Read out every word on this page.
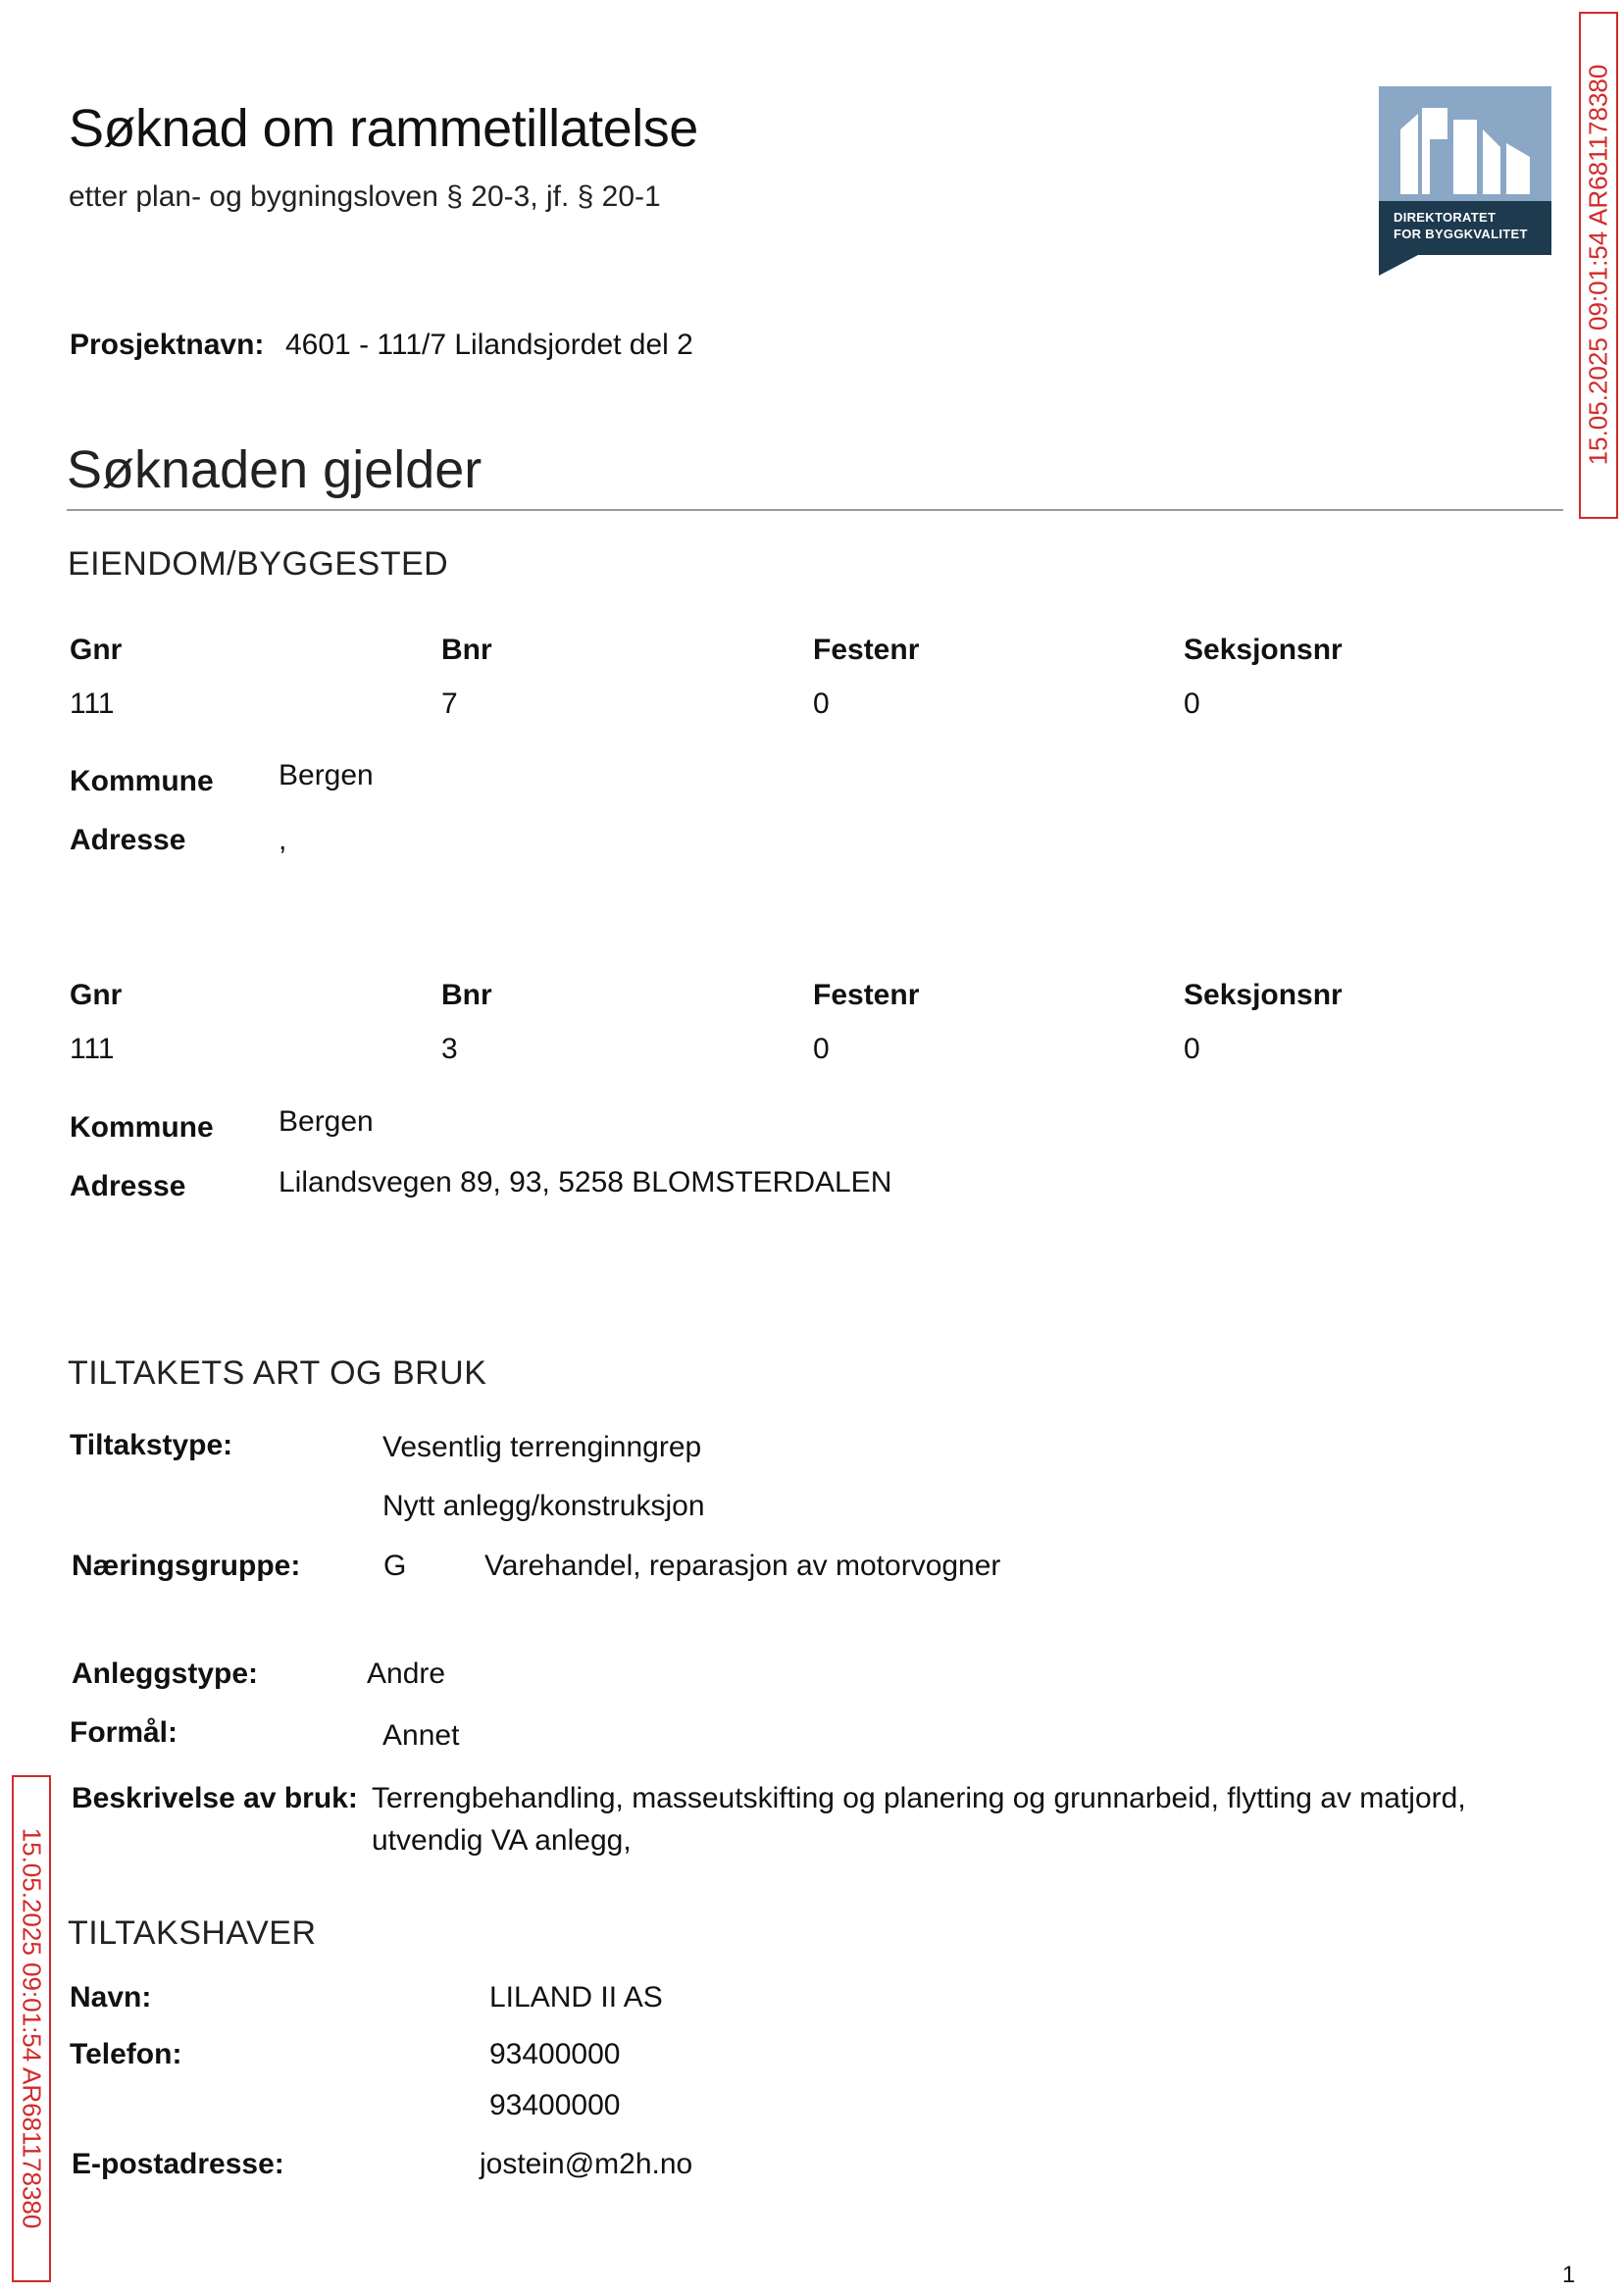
Søknad om rammetillatelse
etter plan- og bygningsloven § 20-3, jf. § 20-1
DIREKTORATET
FOR BYGGKVALITET 15.05.2025 09:01:54 AR681178380
15.05.2025 09:01:54 AR681178380
Prosjektnavn: 4601 - 111/7 Lilandsjordet del 2
Søknaden gjelder
EIENDOM/BYGGESTED
Gnr	Bnr	Festenr	Seksjonsnr
111	7	0	0
Kommune Bergen
Adresse	,
Gnr	Bnr	Festenr	Seksjonsnr
111	3	0	0
Kommune Bergen
Adresse	Lilandsvegen 89, 93, 5258 BLOMSTERDALEN
TILTAKETS ART OG BRUK
Tiltakstype:	Vesentlig terrenginngrep
Nytt anlegg/konstruksjon
Næringsgruppe:	G	Varehandel, reparasjon av motorvogner
Anleggstype:	Andre
Formål:	Annet
Beskrivelse av bruk: Terrengbehandling, masseutskifting og planering og grunnarbeid, flytting av matjord,
utvendig VA anlegg,
TILTAKSHAVER
Navn:	LILAND II AS
Telefon:	93400000
93400000
E-postadresse:	jostein@m2h.no
1
